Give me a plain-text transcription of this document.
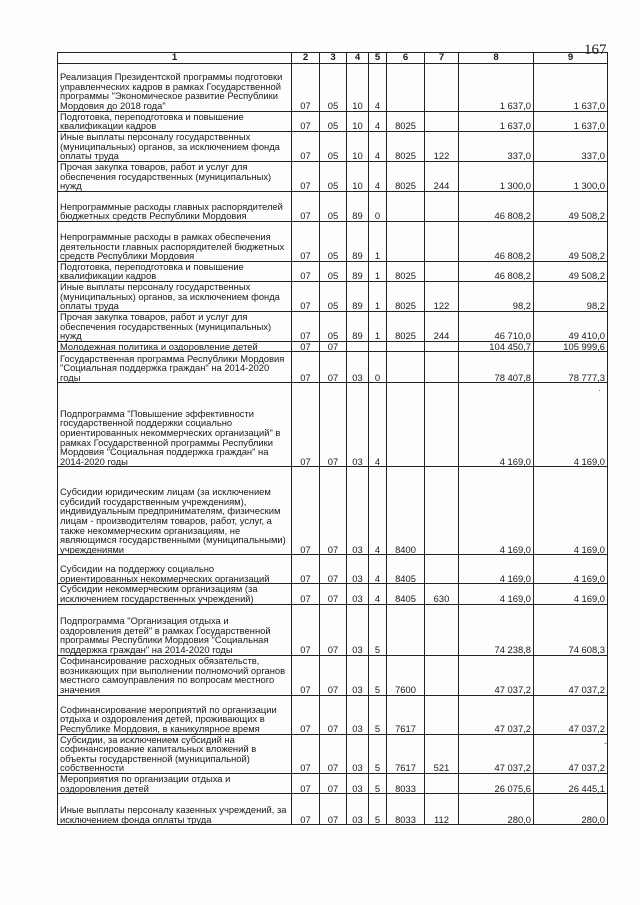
167
1	2	3	4	5	6	7	8	9
Реализация Президентской программы подготовки управленческих кадров в рамках Государственной программы "Экономическое развитие Республики Мордовия до 2018 года"	07	05	10	4			1 637,0	1 637,0
Подготовка, переподготовка и повышение квалификации кадров	07	05	10	4	8025		1 637,0	1 637,0
Иные выплаты персоналу государственных (муниципальных) органов, за исключением фонда оплаты труда	07	05	10	4	8025	122	337,0	337,0
Прочая закупка товаров, работ и услуг для обеспечения государственных (муниципальных) нужд	07	05	10	4	8025	244	1 300,0	1 300,0
Непрограммные расходы главных распорядителей бюджетных средств Республики Мордовия	07	05	89	0			46 808,2	49 508,2
Непрограммные расходы в рамках обеспечения деятельности главных распорядителей бюджетных средств Республики Мордовия	07	05	89	1			46 808,2	49 508,2
Подготовка, переподготовка и повышение квалификации кадров	07	05	89	1	8025		46 808,2	49 508,2
Иные выплаты персоналу государственных (муниципальных) органов, за исключением фонда оплаты труда	07	05	89	1	8025	122	98,2	98,2
Прочая закупка товаров, работ и услуг для обеспечения государственных (муниципальных) нужд	07	05	89	1	8025	244	46 710,0	49 410,0
Молодежная политика и оздоровление детей	07	07					104 450,7	105 999,6
Государственная программа Республики Мордовия "Социальная поддержка граждан" на 2014-2020 годы	07	07	03	0			78 407,8	78 777,3
Подпрограмма "Повышение эффективности государственной поддержки социально ориентированных некоммерческих организаций" в рамках Государственной программы Республики Мордовия "Социальная поддержка граждан" на 2014-2020 годы	07	07	03	4			4 169,0	4 169,0
Субсидии юридическим лицам (за исключением субсидий государственным учреждениям), индивидуальным предпринимателям, физическим лицам - производителям товаров, работ, услуг, а также некоммерческим организациям, не являющимся государственными (муниципальными) учреждениями	07	07	03	4	8400		4 169,0	4 169,0
Субсидии на поддержку социально ориентированных некоммерческих организаций	07	07	03	4	8405		4 169,0	4 169,0
Субсидии некоммерческим организациям (за исключением государственных учреждений)	07	07	03	4	8405	630	4 169,0	4 169,0
Подпрограмма "Организация отдыха и оздоровления детей" в рамках Государственной программы Республики Мордовия "Социальная поддержка граждан" на 2014-2020 годы	07	07	03	5			74 238,8	74 608,3
Софинансирование расходных обязательств, возникающих при выполнении полномочий органов местного самоуправления по вопросам местного значения	07	07	03	5	7600		47 037,2	47 037,2
Софинансирование мероприятий по организации отдыха и оздоровления детей, проживающих в Республике Мордовия, в каникулярное время	07	07	03	5	7617		47 037,2	47 037,2
Субсидии, за исключением субсидий на софинансирование капитальных вложений в объекты государственной (муниципальной) собственности	07	07	03	5	7617	521	47 037,2	47 037,2
Мероприятия по организации отдыха и оздоровления детей	07	07	03	5	8033		26 075,6	26 445,1
Иные выплаты персоналу казенных учреждений, за исключением фонда оплаты труда	07	07	03	5	8033	112	280,0	280,0
·
-
